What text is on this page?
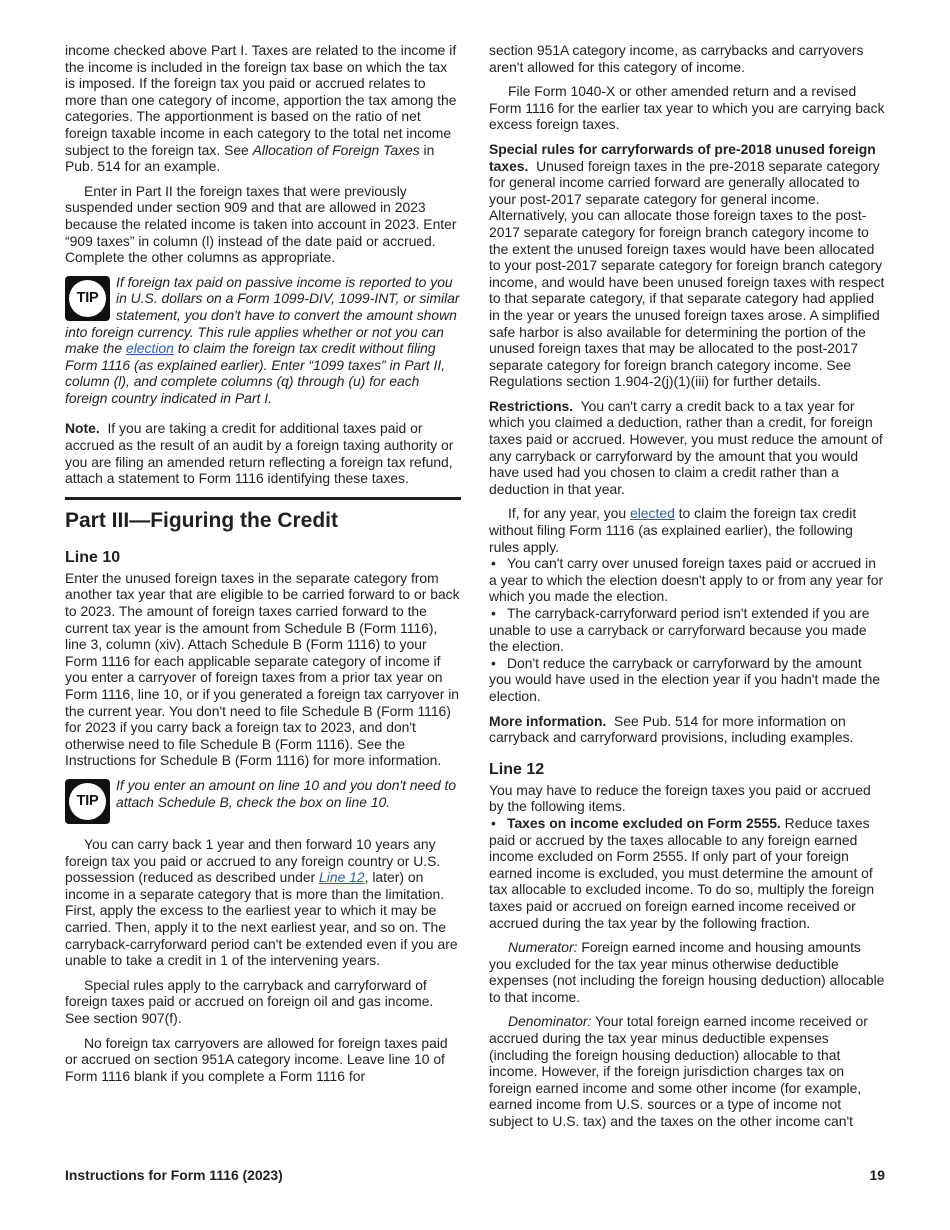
income checked above Part I. Taxes are related to the income if the income is included in the foreign tax base on which the tax is imposed. If the foreign tax you paid or accrued relates to more than one category of income, apportion the tax among the categories. The apportionment is based on the ratio of net foreign taxable income in each category to the total net income subject to the foreign tax. See Allocation of Foreign Taxes in Pub. 514 for an example.

Enter in Part II the foreign taxes that were previously suspended under section 909 and that are allowed in 2023 because the related income is taken into account in 2023. Enter “909 taxes” in column (l) instead of the date paid or accrued. Complete the other columns as appropriate.

TIP
If foreign tax paid on passive income is reported to you in U.S. dollars on a Form 1099-DIV, 1099-INT, or similar statement, you don't have to convert the amount shown into foreign currency. This rule applies whether or not you can make the election to claim the foreign tax credit without filing Form 1116 (as explained earlier). Enter “1099 taxes” in Part II, column (l), and complete columns (q) through (u) for each foreign country indicated in Part I.

Note. If you are taking a credit for additional taxes paid or accrued as the result of an audit by a foreign taxing authority or you are filing an amended return reflecting a foreign tax refund, attach a statement to Form 1116 identifying these taxes.

Part III—Figuring the Credit
Line 10

Enter the unused foreign taxes in the separate category from another tax year that are eligible to be carried forward to or back to 2023. The amount of foreign taxes carried forward to the current tax year is the amount from Schedule B (Form 1116), line 3, column (xiv). Attach Schedule B (Form 1116) to your Form 1116 for each applicable separate category of income if you enter a carryover of foreign taxes from a prior tax year on Form 1116, line 10, or if you generated a foreign tax carryover in the current year. You don't need to file Schedule B (Form 1116) for 2023 if you carry back a foreign tax to 2023, and don't otherwise need to file Schedule B (Form 1116). See the Instructions for Schedule B (Form 1116) for more information.

TIP
If you enter an amount on line 10 and you don't need to attach Schedule B, check the box on line 10.

You can carry back 1 year and then forward 10 years any foreign tax you paid or accrued to any foreign country or U.S. possession (reduced as described under Line 12, later) on income in a separate category that is more than the limitation. First, apply the excess to the earliest year to which it may be carried. Then, apply it to the next earliest year, and so on. The carryback-carryforward period can't be extended even if you are unable to take a credit in 1 of the intervening years.

Special rules apply to the carryback and carryforward of foreign taxes paid or accrued on foreign oil and gas income. See section 907(f).

No foreign tax carryovers are allowed for foreign taxes paid or accrued on section 951A category income. Leave line 10 of Form 1116 blank if you complete a Form 1116 for

section 951A category income, as carrybacks and carryovers aren't allowed for this category of income.

File Form 1040-X or other amended return and a revised Form 1116 for the earlier tax year to which you are carrying back excess foreign taxes.

Special rules for carryforwards of pre-2018 unused foreign taxes. Unused foreign taxes in the pre-2018 separate category for general income carried forward are generally allocated to your post-2017 separate category for general income. Alternatively, you can allocate those foreign taxes to the post-2017 separate category for foreign branch category income to the extent the unused foreign taxes would have been allocated to your post-2017 separate category for foreign branch category income, and would have been unused foreign taxes with respect to that separate category, if that separate category had applied in the year or years the unused foreign taxes arose. A simplified safe harbor is also available for determining the portion of the unused foreign taxes that may be allocated to the post-2017 separate category for foreign branch category income. See Regulations section 1.904-2(j)(1)(iii) for further details.

Restrictions. You can't carry a credit back to a tax year for which you claimed a deduction, rather than a credit, for foreign taxes paid or accrued. However, you must reduce the amount of any carryback or carryforward by the amount that you would have used had you chosen to claim a credit rather than a deduction in that year.

If, for any year, you elected to claim the foreign tax credit without filing Form 1116 (as explained earlier), the following rules apply.

• You can't carry over unused foreign taxes paid or accrued in a year to which the election doesn't apply to or from any year for which you made the election.

• The carryback-carryforward period isn't extended if you are unable to use a carryback or carryforward because you made the election.

• Don't reduce the carryback or carryforward by the amount you would have used in the election year if you hadn't made the election.

More information. See Pub. 514 for more information on carryback and carryforward provisions, including examples.

Line 12

You may have to reduce the foreign taxes you paid or accrued by the following items.

• Taxes on income excluded on Form 2555. Reduce taxes paid or accrued by the taxes allocable to any foreign earned income excluded on Form 2555. If only part of your foreign earned income is excluded, you must determine the amount of tax allocable to excluded income. To do so, multiply the foreign taxes paid or accrued on foreign earned income received or accrued during the tax year by the following fraction.

Numerator: Foreign earned income and housing amounts you excluded for the tax year minus otherwise deductible expenses (not including the foreign housing deduction) allocable to that income.

Denominator: Your total foreign earned income received or accrued during the tax year minus deductible expenses (including the foreign housing deduction) allocable to that income. However, if the foreign jurisdiction charges tax on foreign earned income and some other income (for example, earned income from U.S. sources or a type of income not subject to U.S. tax) and the taxes on the other income can't

Instructions for Form 1116 (2023)	19
